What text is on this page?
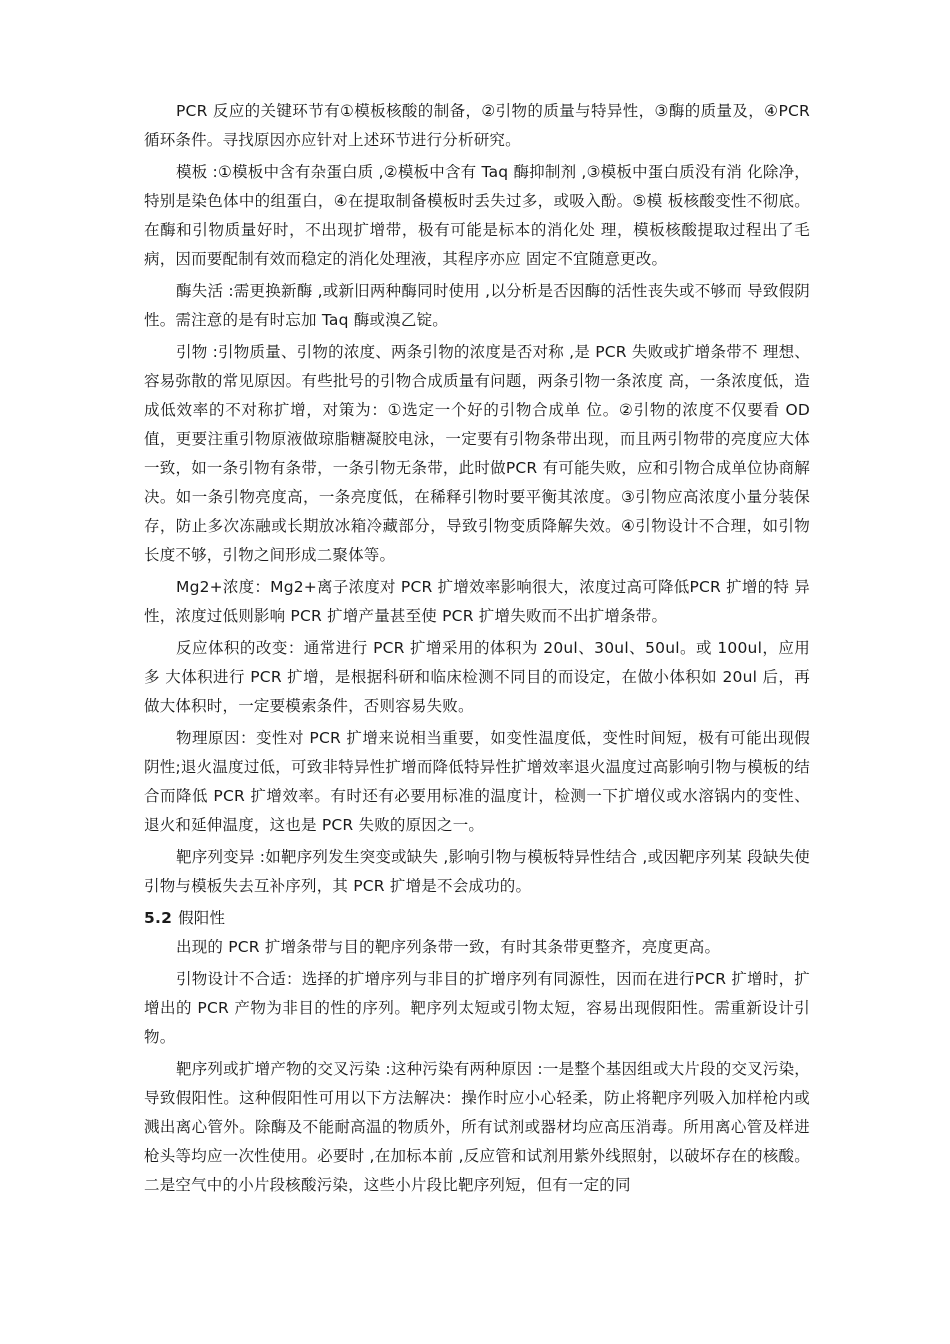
PCR 反应的关键环节有①模板核酸的制备，②引物的质量与特异性，③酶的质量及，④PCR 循环条件。寻找原因亦应针对上述环节进行分析研究。

模板 :①模板中含有杂蛋白质 ,②模板中含有 Taq 酶抑制剂 ,③模板中蛋白质没有消 化除净，特别是染色体中的组蛋白，④在提取制备模板时丢失过多，或吸入酚。⑤模 板核酸变性不彻底。在酶和引物质量好时，不出现扩增带，极有可能是标本的消化处 理，模板核酸提取过程出了毛病，因而要配制有效而稳定的消化处理液，其程序亦应 固定不宜随意更改。

酶失活 :需更换新酶 ,或新旧两种酶同时使用 ,以分析是否因酶的活性丧失或不够而 导致假阴性。需注意的是有时忘加 Taq 酶或溴乙锭。

引物 :引物质量、引物的浓度、两条引物的浓度是否对称 ,是 PCR 失败或扩增条带不 理想、容易弥散的常见原因。有些批号的引物合成质量有问题，两条引物一条浓度 高，一条浓度低，造成低效率的不对称扩增，对策为：①选定一个好的引物合成单 位。②引物的浓度不仅要看 OD 值，更要注重引物原液做琼脂糖凝胶电泳，一定要有引物条带出现，而且两引物带的亮度应大体一致，如一条引物有条带，一条引物无条带，此时做PCR 有可能失败，应和引物合成单位协商解决。如一条引物亮度高，一条亮度低，在稀释引物时要平衡其浓度。③引物应高浓度小量分装保存，防止多次冻融或长期放冰箱冷藏部分，导致引物变质降解失效。④引物设计不合理，如引物长度不够，引物之间形成二聚体等。

Mg2+浓度：Mg2+离子浓度对 PCR 扩增效率影响很大，浓度过高可降低PCR 扩增的特 异性，浓度过低则影响 PCR 扩增产量甚至使 PCR 扩增失败而不出扩增条带。

反应体积的改变：通常进行 PCR 扩增采用的体积为 20ul、30ul、50ul。或 100ul，应用多 大体积进行 PCR 扩增，是根据科研和临床检测不同目的而设定，在做小体积如 20ul 后，再做大体积时，一定要模索条件，否则容易失败。

物理原因：变性对 PCR 扩增来说相当重要，如变性温度低，变性时间短，极有可能出现假阴性;退火温度过低，可致非特异性扩增而降低特异性扩增效率退火温度过高影响引物与模板的结合而降低 PCR 扩增效率。有时还有必要用标准的温度计，检测一下扩增仪或水溶锅内的变性、退火和延伸温度，这也是 PCR 失败的原因之一。

靶序列变异 :如靶序列发生突变或缺失 ,影响引物与模板特异性结合 ,或因靶序列某 段缺失使引物与模板失去互补序列，其 PCR 扩增是不会成功的。

5.2 假阳性

出现的 PCR 扩增条带与目的靶序列条带一致，有时其条带更整齐，亮度更高。

引物设计不合适：选择的扩增序列与非目的扩增序列有同源性，因而在进行PCR 扩增时，扩增出的 PCR 产物为非目的性的序列。靶序列太短或引物太短，容易出现假阳性。需重新设计引物。

靶序列或扩增产物的交叉污染 :这种污染有两种原因 :一是整个基因组或大片段的交叉污染，导致假阳性。这种假阳性可用以下方法解决：操作时应小心轻柔，防止将靶序列吸入加样枪内或溅出离心管外。除酶及不能耐高温的物质外，所有试剂或器材均应高压消毒。所用离心管及样进枪头等均应一次性使用。必要时 ,在加标本前 ,反应管和试剂用紫外线照射，以破坏存在的核酸。二是空气中的小片段核酸污染，这些小片段比靶序列短，但有一定的同
